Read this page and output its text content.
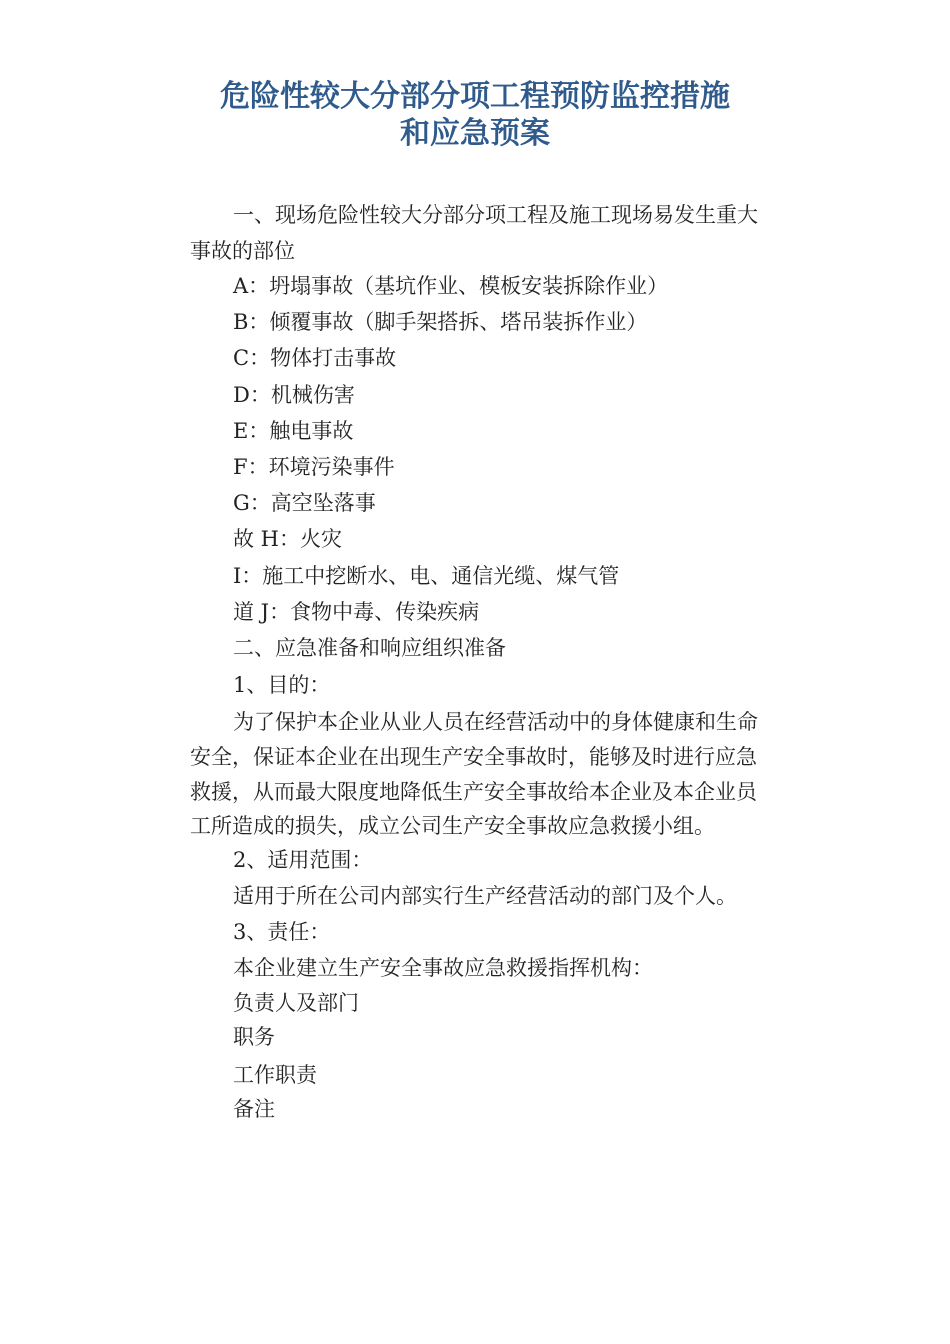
危险性较大分部分项工程预防监控措施
和应急预案
一、现场危险性较大分部分项工程及施工现场易发生重大
事故的部位
A：坍塌事故（基坑作业、模板安装拆除作业）
B：倾覆事故（脚手架搭拆、塔吊装拆作业）
C：物体打击事故
D：机械伤害
E：触电事故
F：环境污染事件
G：高空坠落事
故 H：火灾
I：施工中挖断水、电、通信光缆、煤气管
道 J：食物中毒、传染疾病
二、应急准备和响应组织准备
1、目的：
为了保护本企业从业人员在经营活动中的身体健康和生命
安全，保证本企业在出现生产安全事故时，能够及时进行应急
救援，从而最大限度地降低生产安全事故给本企业及本企业员
工所造成的损失，成立公司生产安全事故应急救援小组。
2、适用范围：
适用于所在公司内部实行生产经营活动的部门及个人。
3、责任：
本企业建立生产安全事故应急救援指挥机构：
负责人及部门
职务
工作职责
备注
